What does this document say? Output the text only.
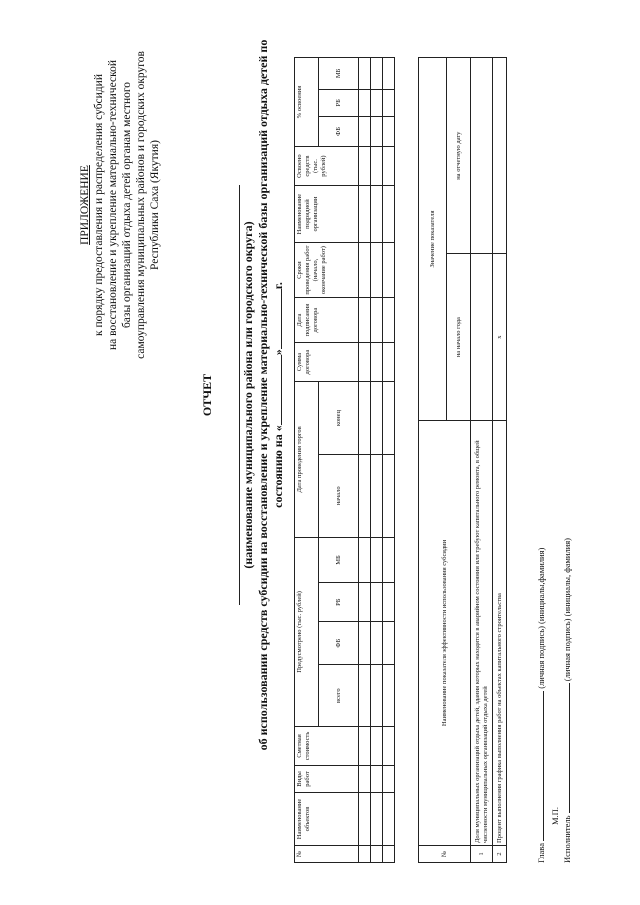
ПРИЛОЖЕНИЕ к порядку предоставления и распределения субсидий на восстановление и укрепление материально-технической базы организаций отдыха детей органам местного самоуправления муниципальных районов и городских округов Республики Саха (Якутия)
ОТЧЕТ (наименование муниципального района или городского округа) об использовании средств субсидии на восстановление и укрепление материально-технической базы организаций отдыха детей по состоянию на «»г.
№	Наименование объектов	Виды работ	Сметная стоимость	Предусмотрено (тыс. рублей)				Дата проведения торгов		Сумма договора	Дата подписания договора	Сроки проведения работ (начало, окончание работ)	Наименование подрядной организации	Освоено средств (тыс. рублей)	% освоения		
				всего	ФБ	РБ	МБ	начало	конец						ФБ	РБ	МБ

№	Наименование показателя эффективности использования субсидии	Значение показателя	
		на начало года	на отчетную дату
1	Доля муниципальных организаций отдыха детей, здания которых находятся в аварийном состоянии или требуют капитального ремонта, в общей численности муниципальных организаций отдыха детей		
2	Процент выполнения графика выполнения работ на объектах капитального строительства	х	
Глава  (личная подпись) (инициалы,фамилия)
М.П. Исполнитель  (личная подпись) (инициалы, фамилия)
